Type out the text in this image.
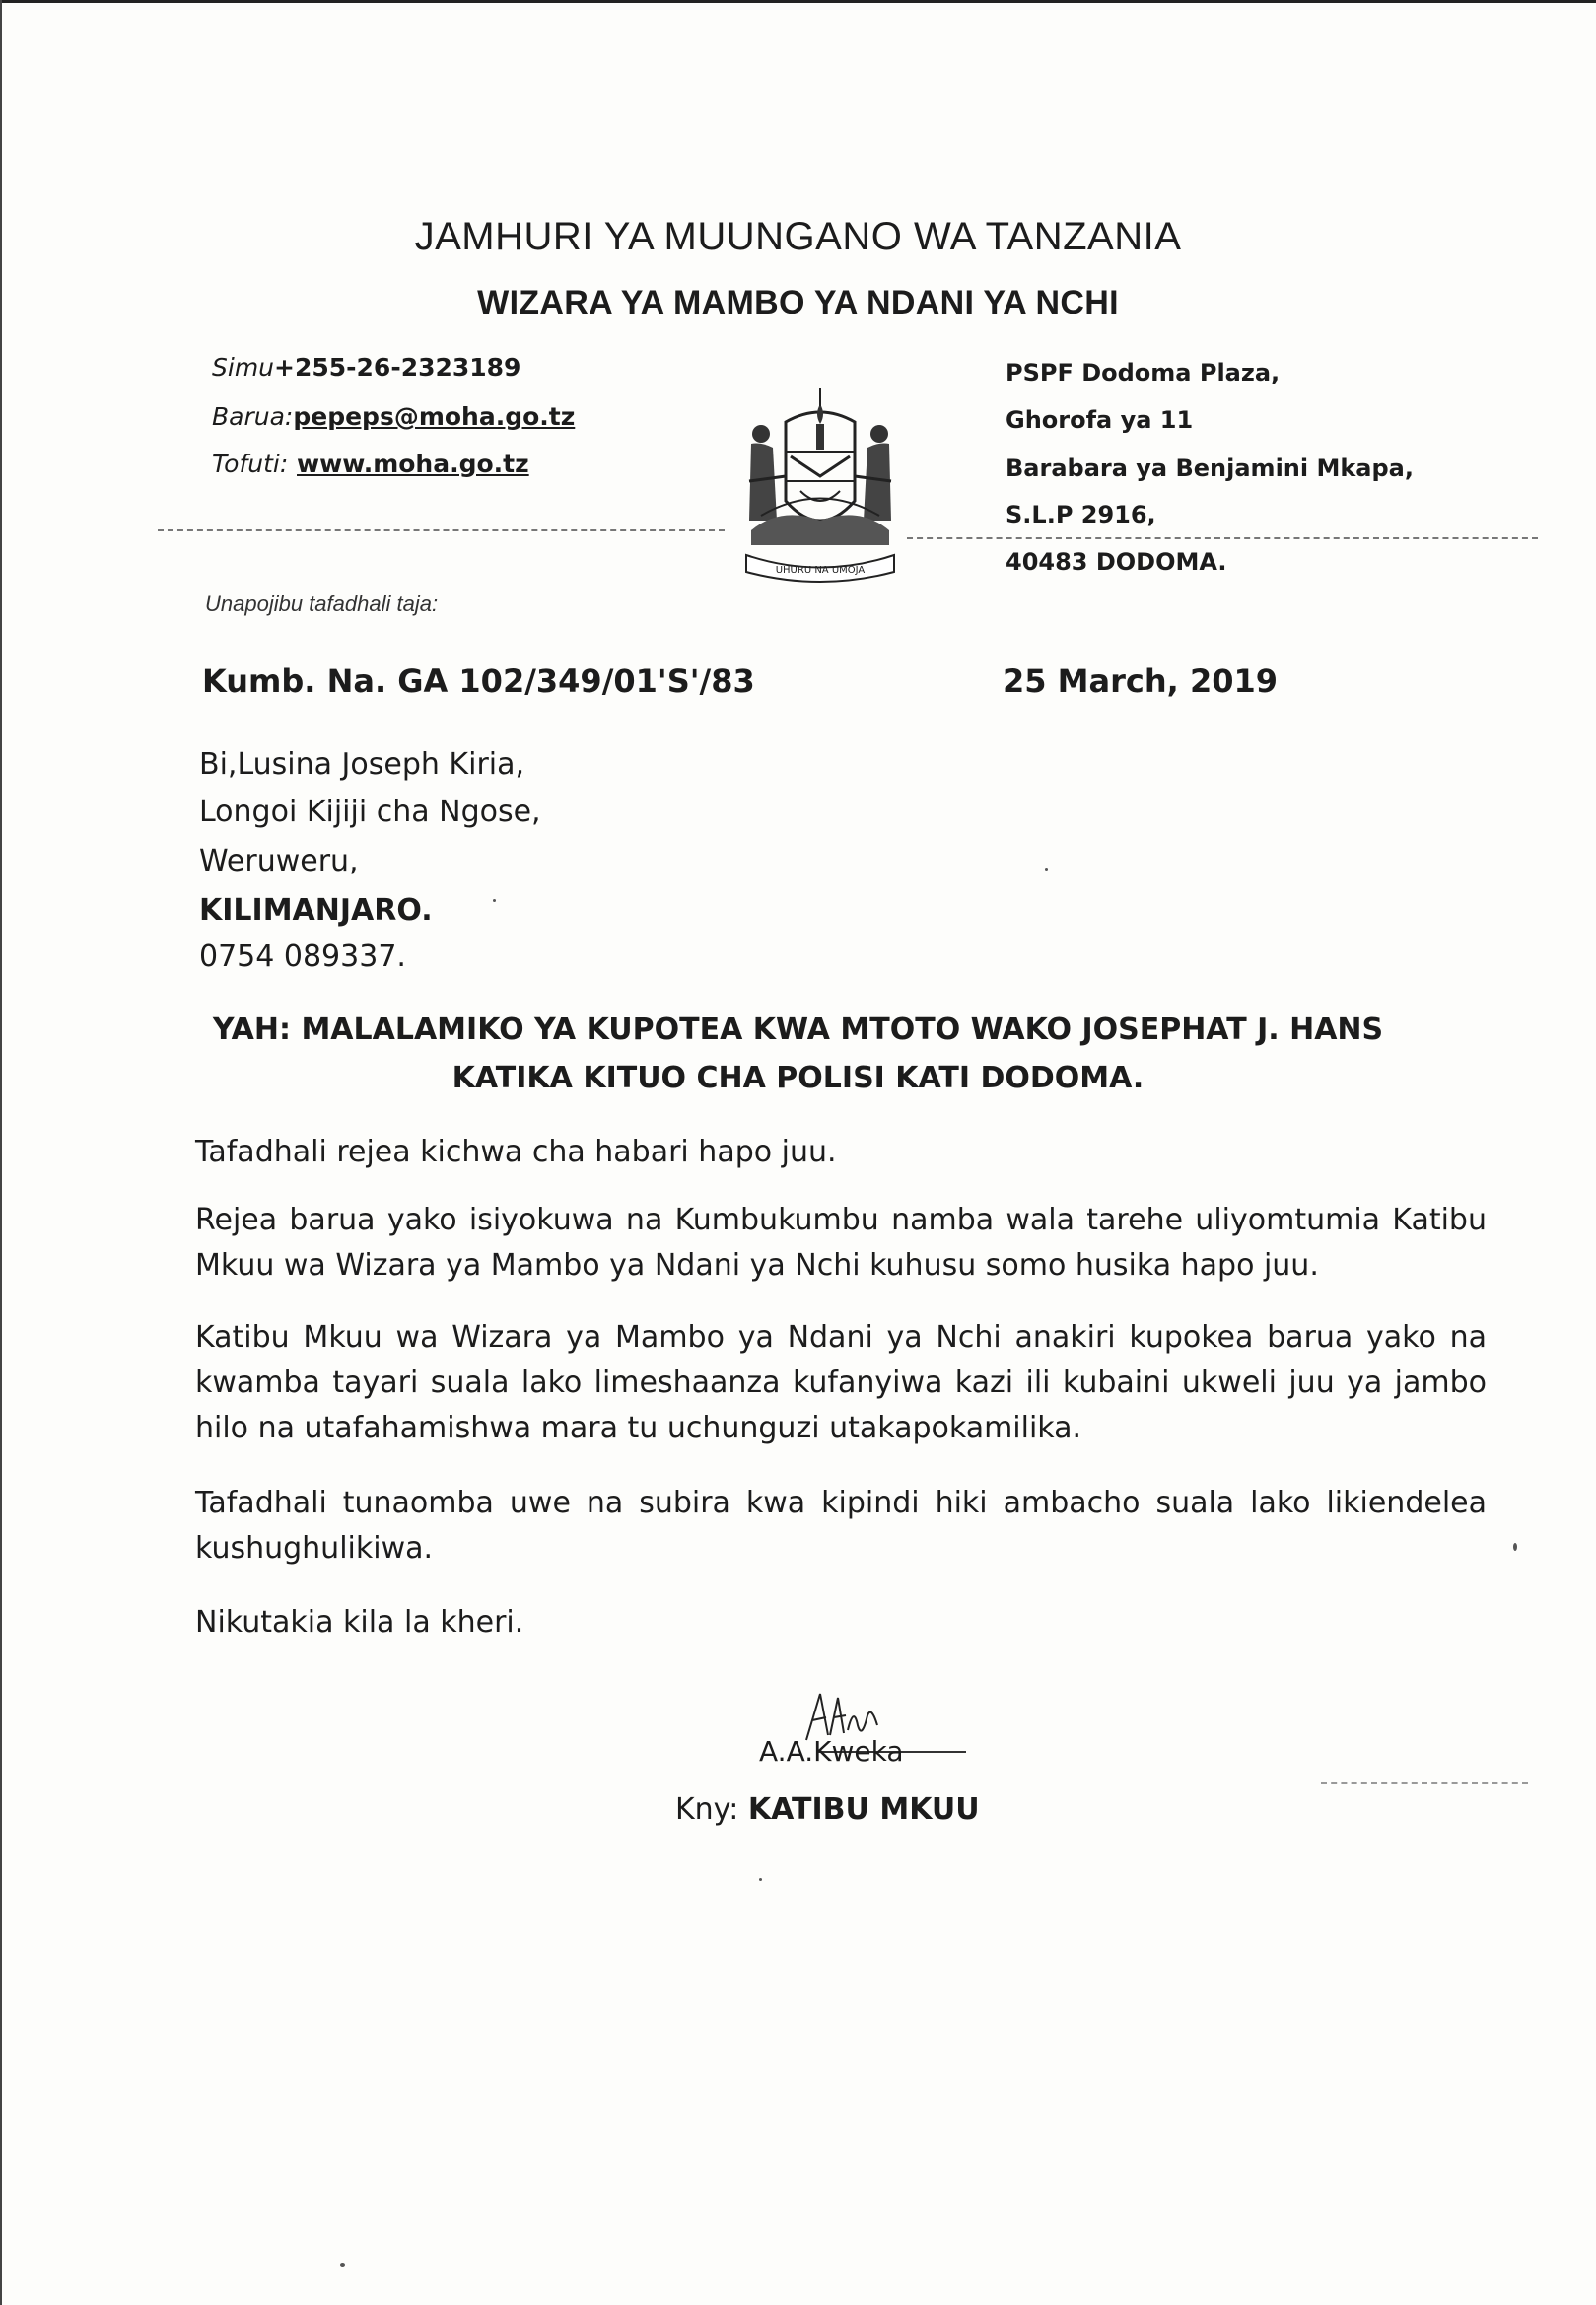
JAMHURI YA MUUNGANO WA TANZANIA
WIZARA YA MAMBO YA NDANI YA NCHI
Simu+255-26-2323189
Barua:pepeps@moha.go.tz
Tofuti: www.moha.go.tz
UHURU NA UMOJA
PSPF Dodoma Plaza,
Ghorofa ya 11
Barabara ya Benjamini Mkapa,
S.L.P 2916,
40483 DODOMA.
Unapojibu tafadhali taja:
Kumb. Na. GA 102/349/01'S'/83	25 March, 2019
Bi,Lusina Joseph Kiria,
Longoi Kijiji cha Ngose,
Weruweru,
KILIMANJARO.
0754 089337.
YAH: MALALAMIKO YA KUPOTEA KWA MTOTO WAKO JOSEPHAT J. HANS
KATIKA KITUO CHA POLISI KATI DODOMA.
Tafadhali rejea kichwa cha habari hapo juu.
Rejea barua yako isiyokuwa na Kumbukumbu namba wala tarehe uliyomtumia Katibu Mkuu wa Wizara ya Mambo ya Ndani ya Nchi kuhusu somo husika hapo juu.
Katibu Mkuu wa Wizara ya Mambo ya Ndani ya Nchi anakiri kupokea barua yako na kwamba tayari suala lako limeshaanza kufanyiwa kazi ili kubaini ukweli juu ya jambo hilo na utafahamishwa mara tu uchunguzi utakapokamilika.
Tafadhali tunaomba uwe na subira kwa kipindi hiki ambacho suala lako likiendelea kushughulikiwa.
Nikutakia kila la kheri.
A.A.Kweka
Kny: KATIBU MKUU
